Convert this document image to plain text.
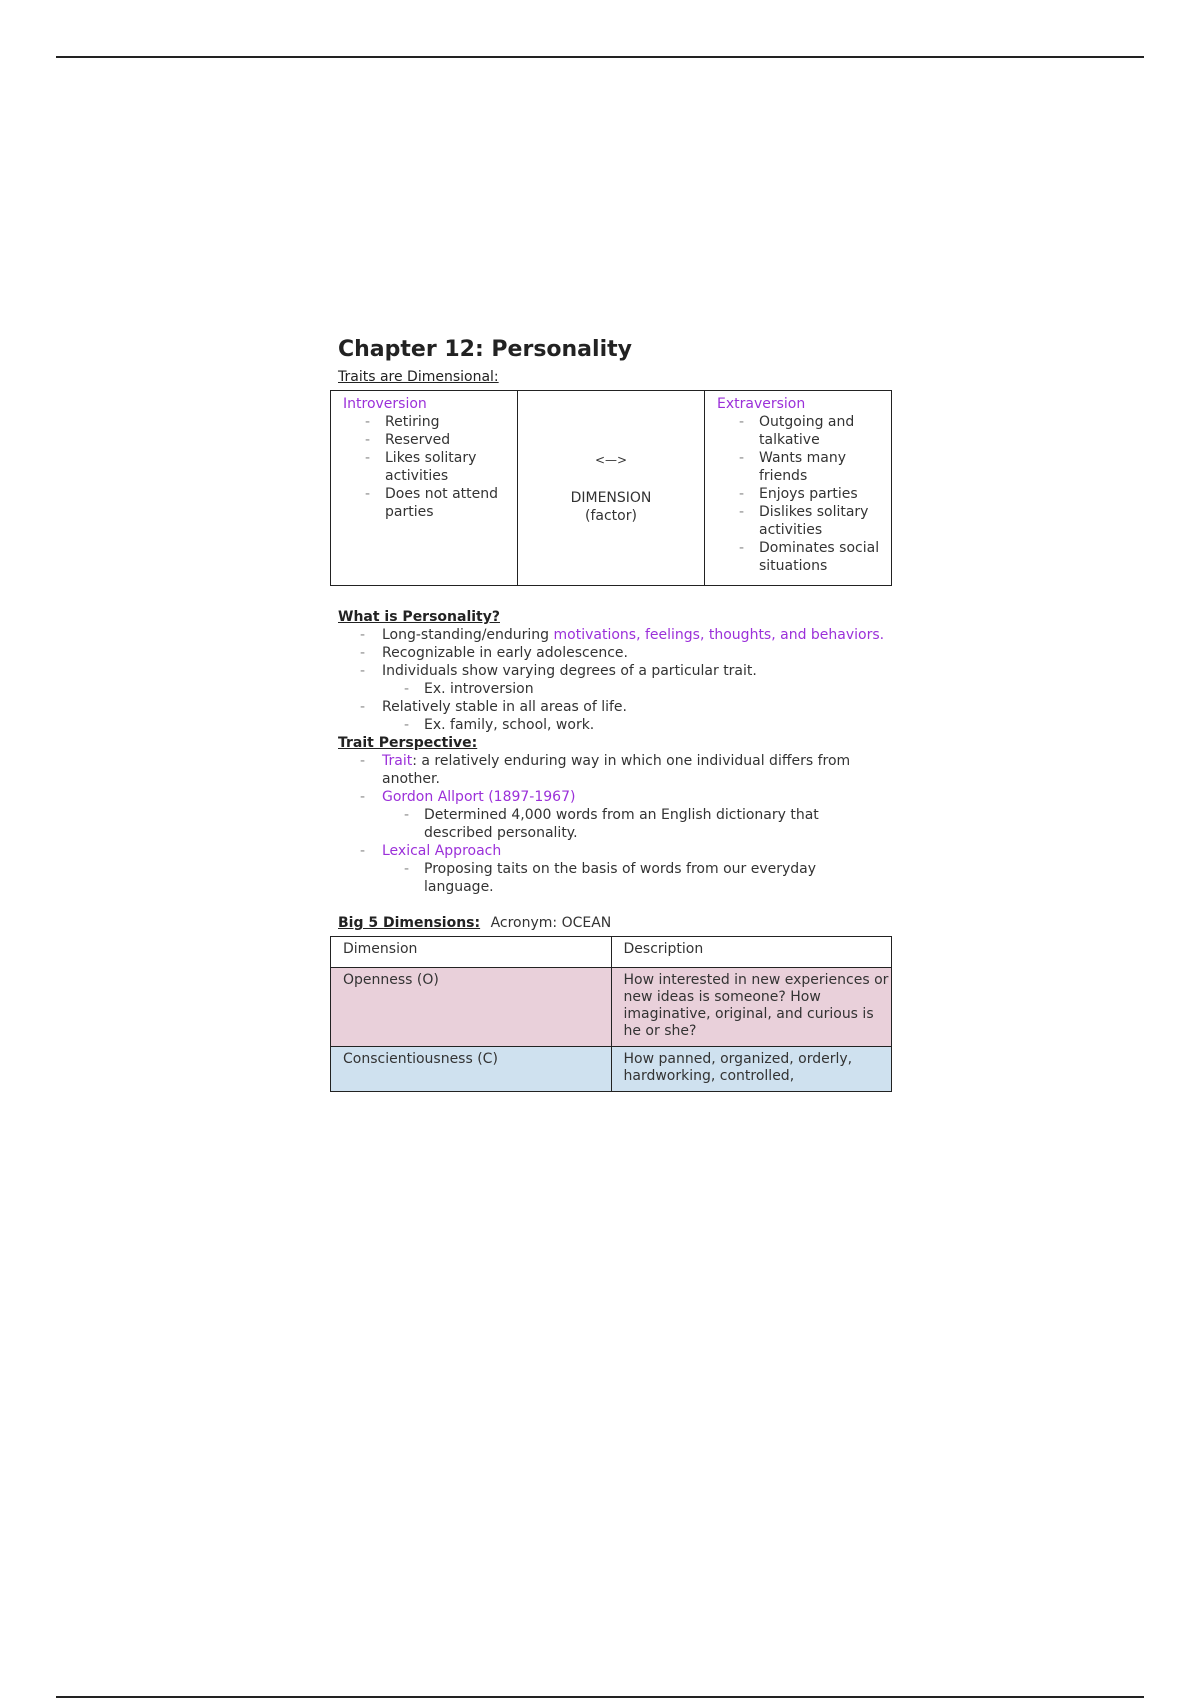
Chapter 12: Personality
Traits are Dimensional:
Introversion
- Retiring
- Reserved
- Likes solitary activities
- Does not attend parties

<—>
DIMENSION
(factor)

Extraversion
- Outgoing and talkative
- Wants many friends
- Enjoys parties
- Dislikes solitary activities
- Dominates social situations
What is Personality?
- Long-standing/enduring motivations, feelings, thoughts, and behaviors.
- Recognizable in early adolescence.
- Individuals show varying degrees of a particular trait.
- Ex. introversion
- Relatively stable in all areas of life.
- Ex. family, school, work.
Trait Perspective:
- Trait: a relatively enduring way in which one individual differs from another.
- Gordon Allport (1897-1967)
- Determined 4,000 words from an English dictionary that described personality.
- Lexical Approach
- Proposing taits on the basis of words from our everyday language.
Big 5 Dimensions: Acronym: OCEAN
Dimension	Description
Openness (O)	How interested in new experiences or new ideas is someone? How imaginative, original, and curious is he or she?
Conscientiousness (C)	How panned, organized, orderly, hardworking, controlled,
